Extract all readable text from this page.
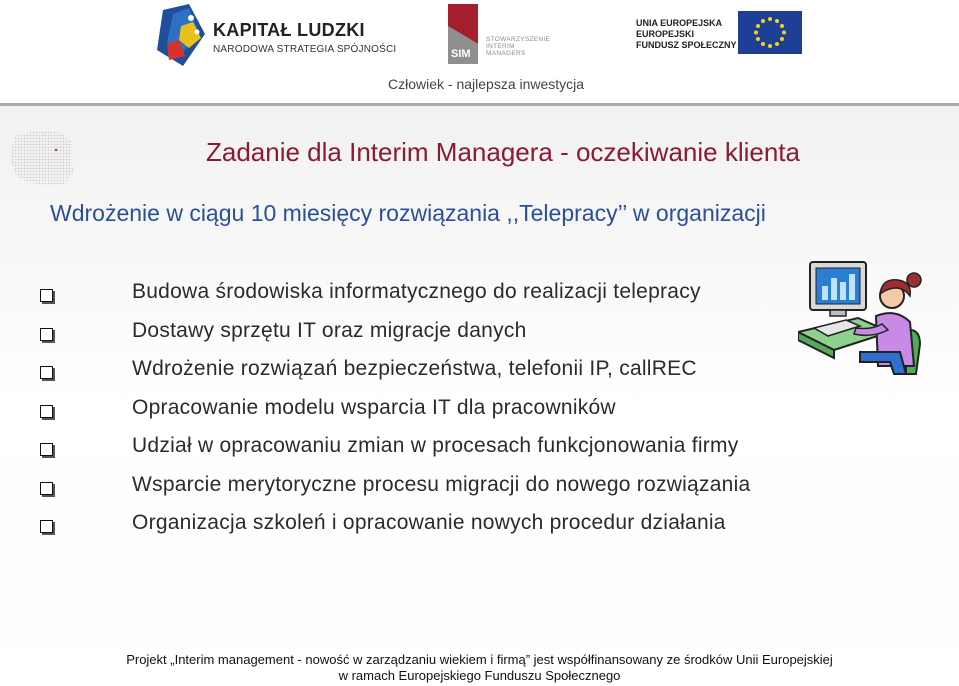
KAPITAŁ LUDZKI
NARODOWA STRATEGIA SPÓJNOŚCI
STOWARZYSZENIE
INTERIM
MANAGERS
SIM
Człowiek - najlepsza inwestycja
UNIA EUROPEJSKA
EUROPEJSKI
FUNDUSZ SPOŁECZNY
Zadanie dla Interim Managera - oczekiwanie klienta
Wdrożenie w ciągu 10 miesięcy rozwiązania ,,Telepracy’’ w organizacji
Budowa środowiska informatycznego do realizacji telepracy
Dostawy sprzętu IT oraz migracje danych
Wdrożenie rozwiązań bezpieczeństwa, telefonii IP, callREC
Opracowanie modelu wsparcia IT dla pracowników
Udział w opracowaniu zmian w procesach funkcjonowania firmy
Wsparcie merytoryczne procesu migracji do nowego rozwiązania
Organizacja szkoleń i opracowanie nowych procedur działania
Projekt „Interim management - nowość w zarządzaniu wiekiem i firmą” jest współfinansowany ze środków Unii Europejskiej
w ramach Europejskiego Funduszu Społecznego
